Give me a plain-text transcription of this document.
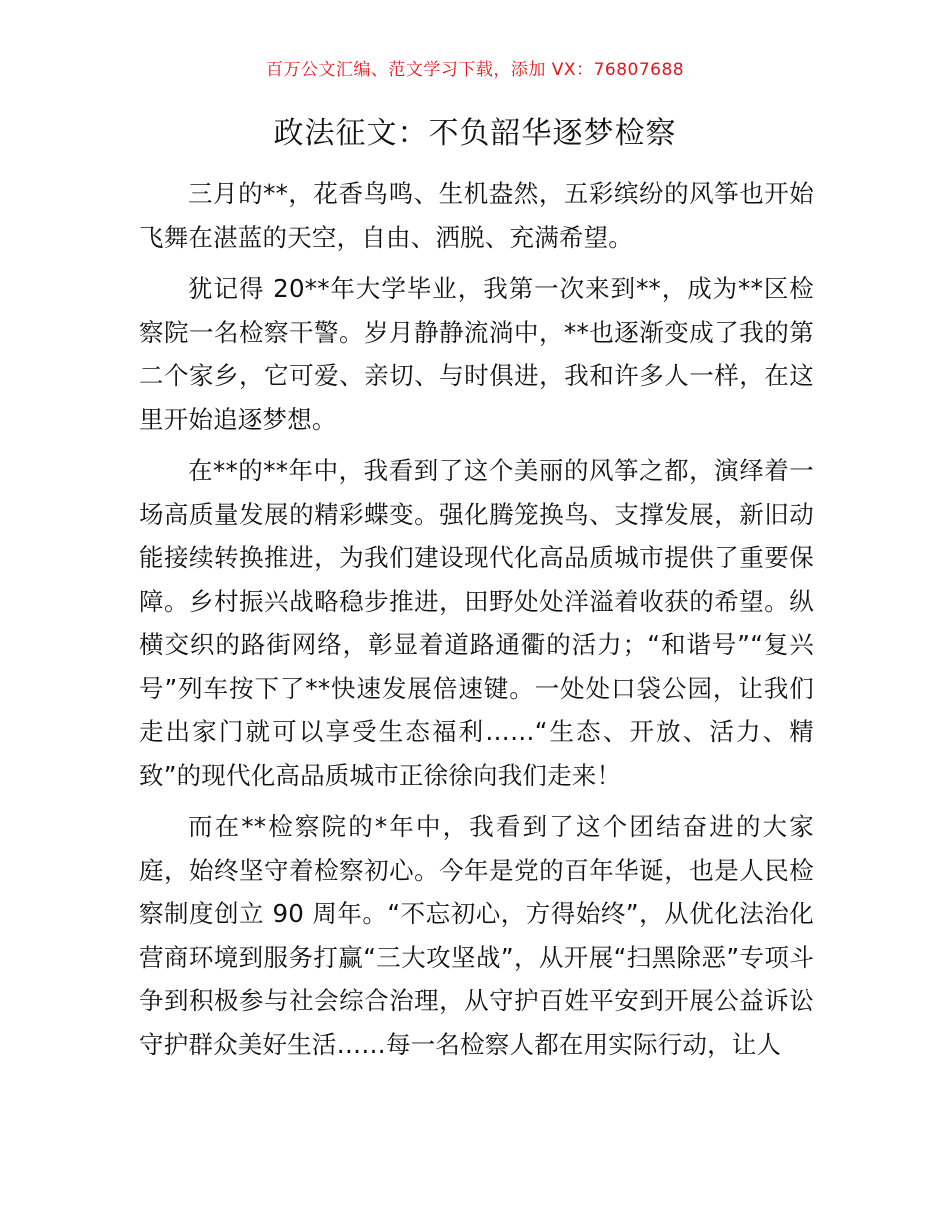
百万公文汇编、范文学习下载，添加 VX：76807688
政法征文：不负韶华逐梦检察

三月的**，花香鸟鸣、生机盎然，五彩缤纷的风筝也开始飞舞在湛蓝的天空，自由、洒脱、充满希望。

犹记得 20**年大学毕业，我第一次来到**，成为**区检察院一名检察干警。岁月静静流淌中，**也逐渐变成了我的第二个家乡，它可爱、亲切、与时俱进，我和许多人一样，在这里开始追逐梦想。

在**的**年中，我看到了这个美丽的风筝之都，演绎着一场高质量发展的精彩蝶变。强化腾笼换鸟、支撑发展，新旧动能接续转换推进，为我们建设现代化高品质城市提供了重要保障。乡村振兴战略稳步推进，田野处处洋溢着收获的希望。纵横交织的路街网络，彰显着道路通衢的活力；“和谐号”“复兴号”列车按下了**快速发展倍速键。一处处口袋公园，让我们走出家门就可以享受生态福利……“生态、开放、活力、精致”的现代化高品质城市正徐徐向我们走来！

而在**检察院的*年中，我看到了这个团结奋进的大家庭，始终坚守着检察初心。今年是党的百年华诞，也是人民检察制度创立 90 周年。“不忘初心，方得始终”，从优化法治化营商环境到服务打赢“三大攻坚战”，从开展“扫黑除恶”专项斗争到积极参与社会综合治理，从守护百姓平安到开展公益诉讼守护群众美好生活……每一名检察人都在用实际行动，让人
